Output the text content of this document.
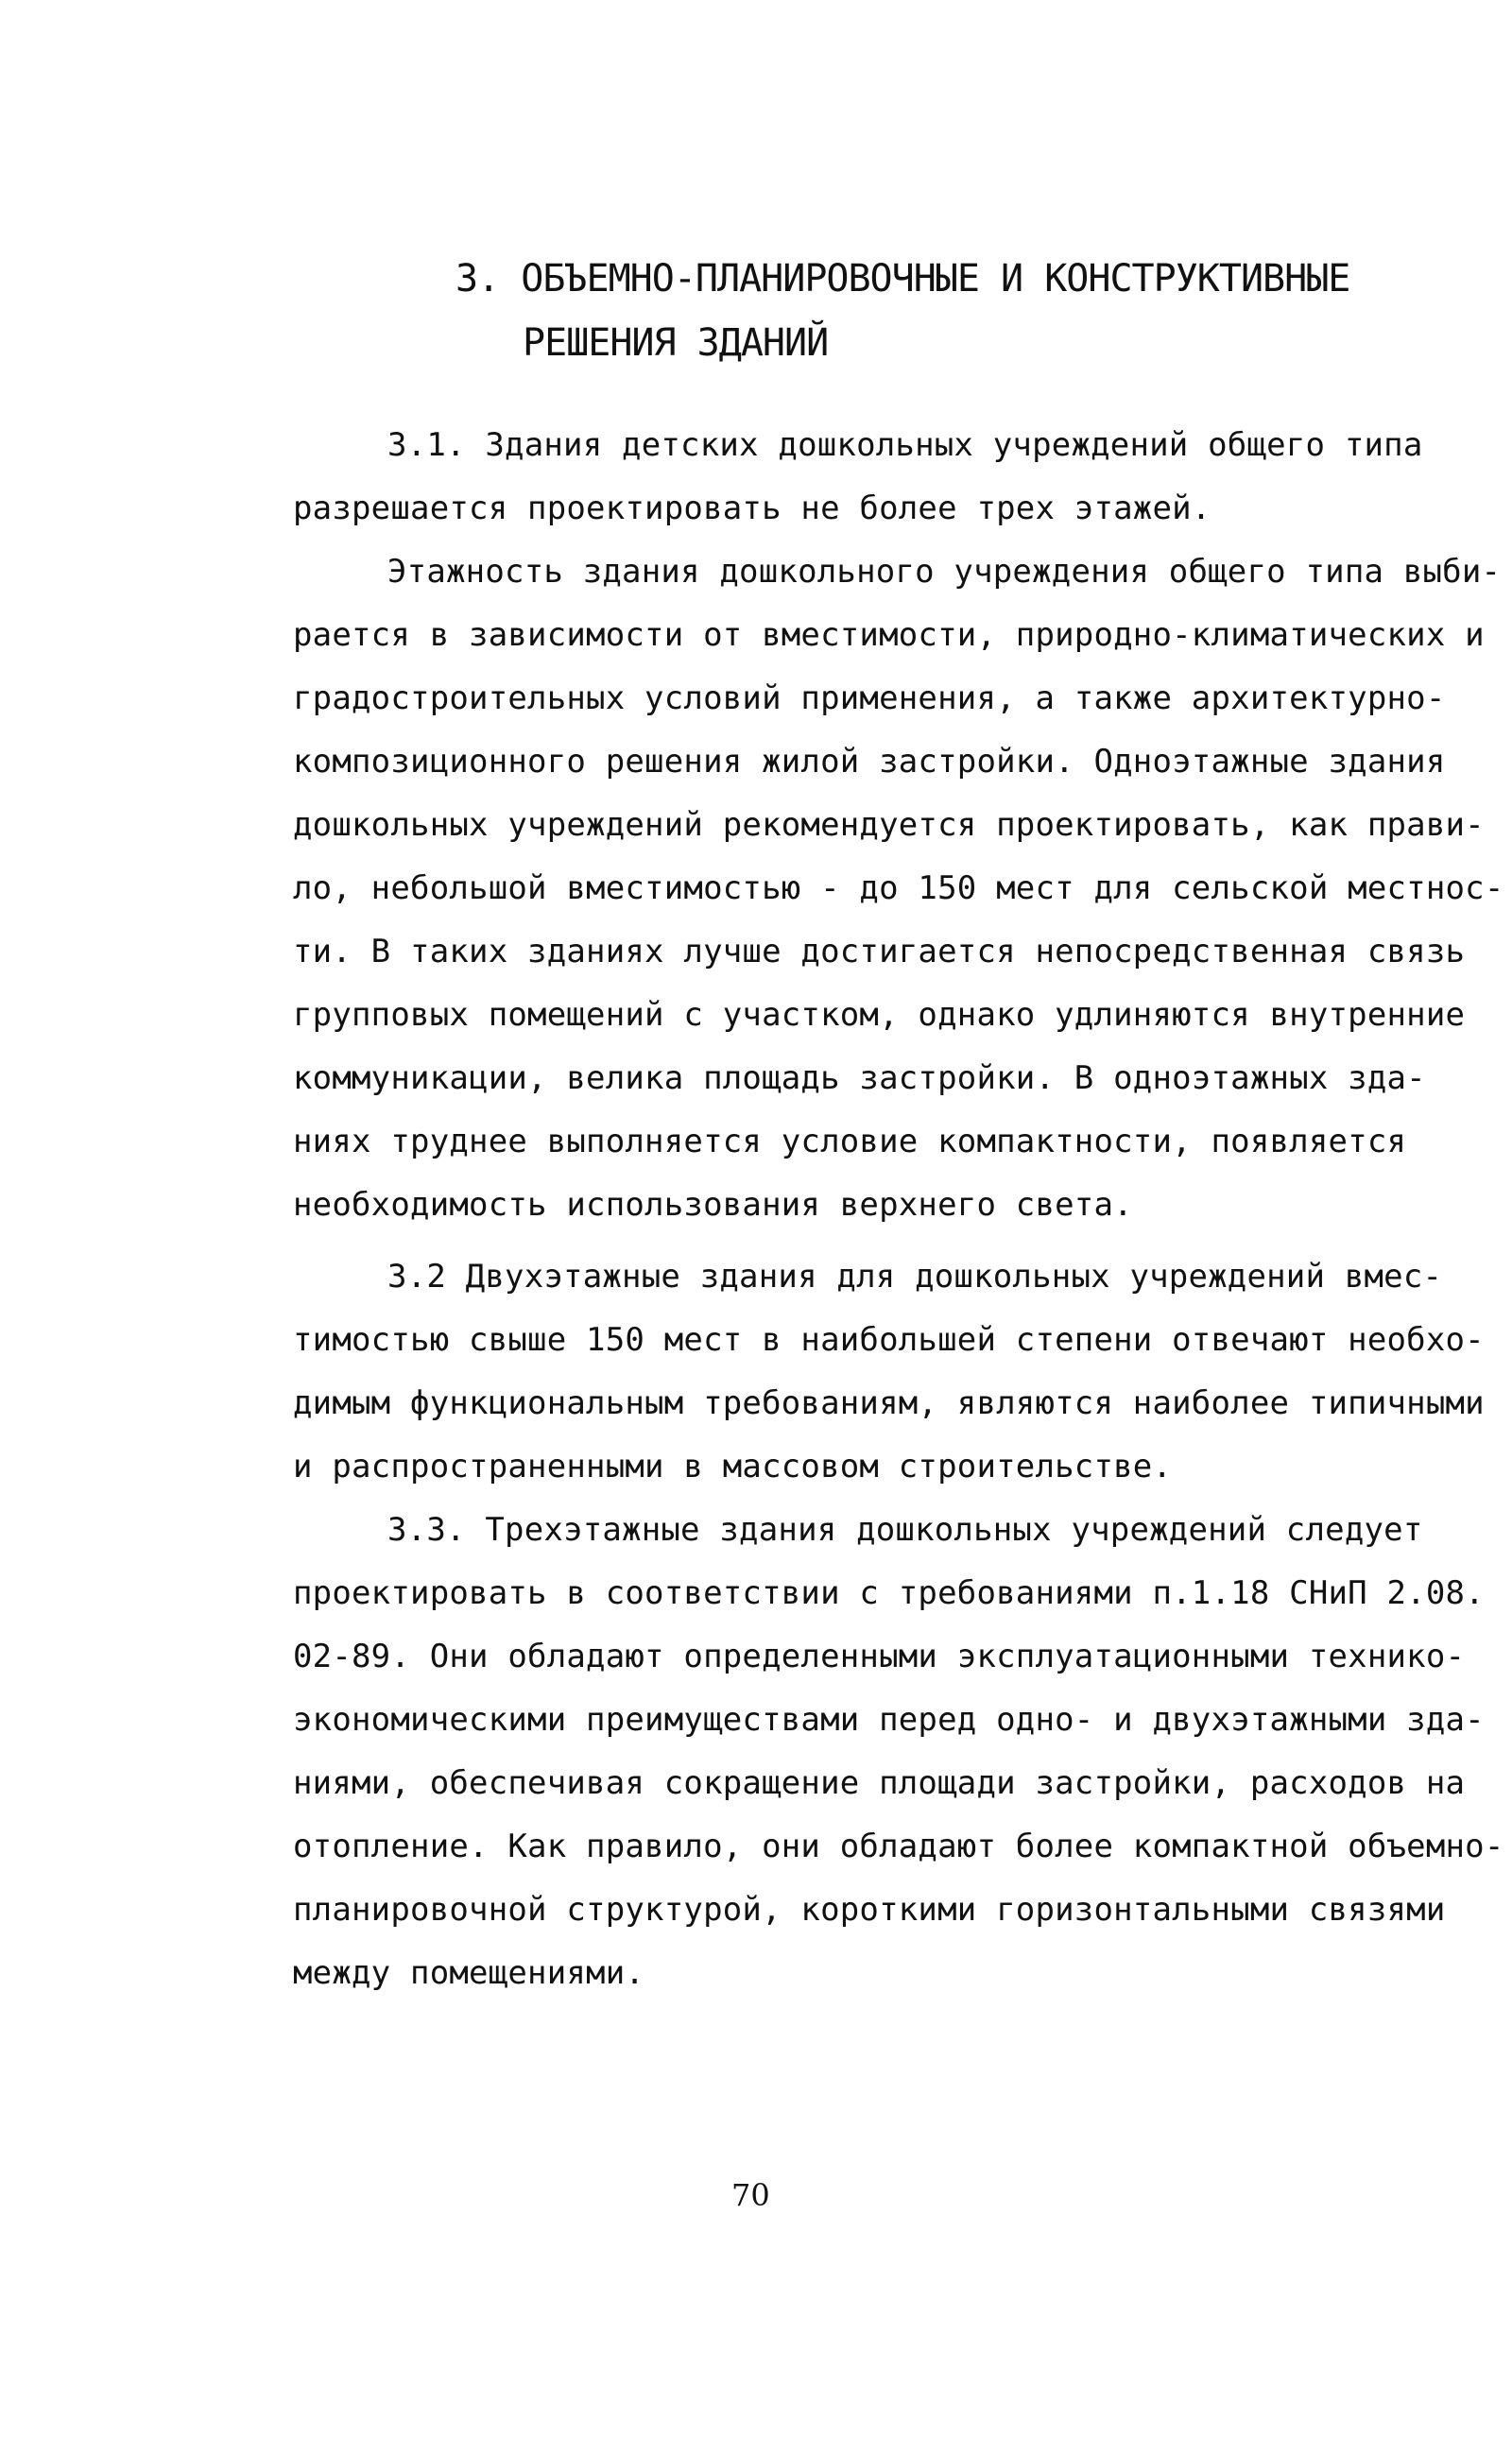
3. ОБЪЕМНО-ПЛАНИРОВОЧНЫЕ И КОНСТРУКТИВНЫЕ
РЕШЕНИЯ ЗДАНИЙ
3.1. Здания детских дошкольных учреждений общего типа
разрешается проектировать не более трех этажей.
Этажность здания дошкольного учреждения общего типа выби-
рается в зависимости от вместимости, природно-климатических и
градостроительных условий применения, а также архитектурно-
композиционного решения жилой застройки. Одноэтажные здания
дошкольных учреждений рекомендуется проектировать, как прави-
ло, небольшой вместимостью - до 150 мест для сельской местнос-
ти. В таких зданиях лучше достигается непосредственная связь
групповых помещений с участком, однако удлиняются внутренние
коммуникации, велика площадь застройки. В одноэтажных зда-
ниях труднее выполняется условие компактности, появляется
необходимость использования верхнего света.
3.2 Двухэтажные здания для дошкольных учреждений вмес-
тимостью свыше 150 мест в наибольшей степени отвечают необхо-
димым функциональным требованиям, являются наиболее типичными
и распространенными в массовом строительстве.
3.3. Трехэтажные здания дошкольных учреждений следует
проектировать в соответствии с требованиями п.1.18 СНиП 2.08.
02-89. Они обладают определенными эксплуатационными технико-
экономическими преимуществами перед одно- и двухэтажными зда-
ниями, обеспечивая сокращение площади застройки, расходов на
отопление. Как правило, они обладают более компактной объемно-
планировочной структурой, короткими горизонтальными связями
между помещениями.
70
